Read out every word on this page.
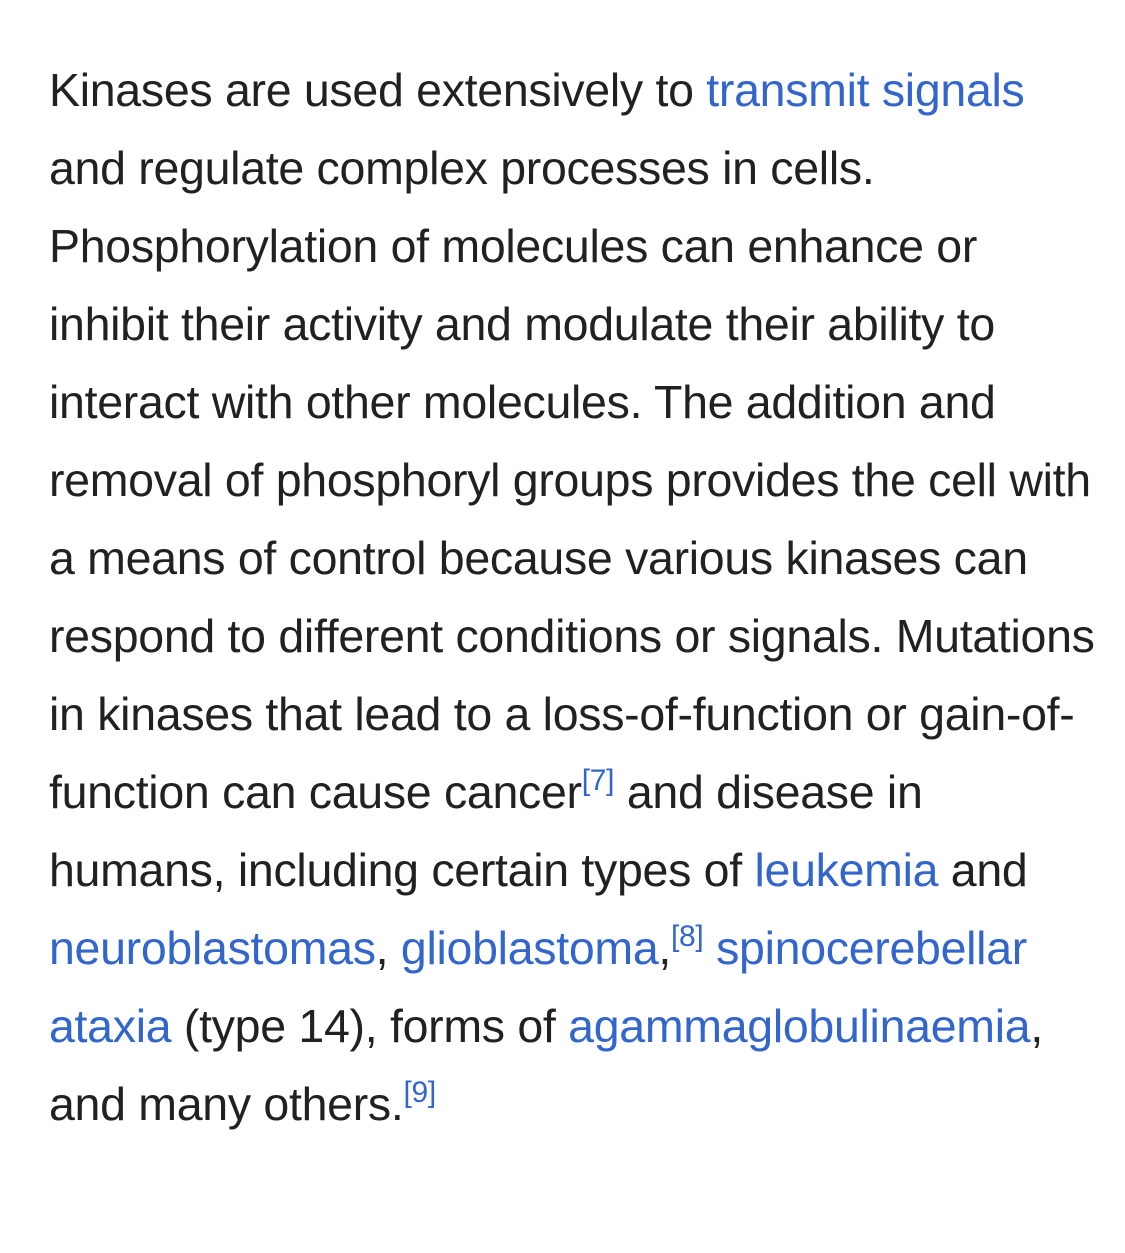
Kinases are used extensively to transmit signals and regulate complex processes in cells. Phosphorylation of molecules can enhance or inhibit their activity and modulate their ability to interact with other molecules. The addition and removal of phosphoryl groups provides the cell with a means of control because various kinases can respond to different conditions or signals. Mutations in kinases that lead to a loss-of-function or gain-of-function can cause cancer[7] and disease in humans, including certain types of leukemia and neuroblastomas, glioblastoma,[8] spinocerebellar ataxia (type 14), forms of agammaglobulinaemia, and many others.[9]
